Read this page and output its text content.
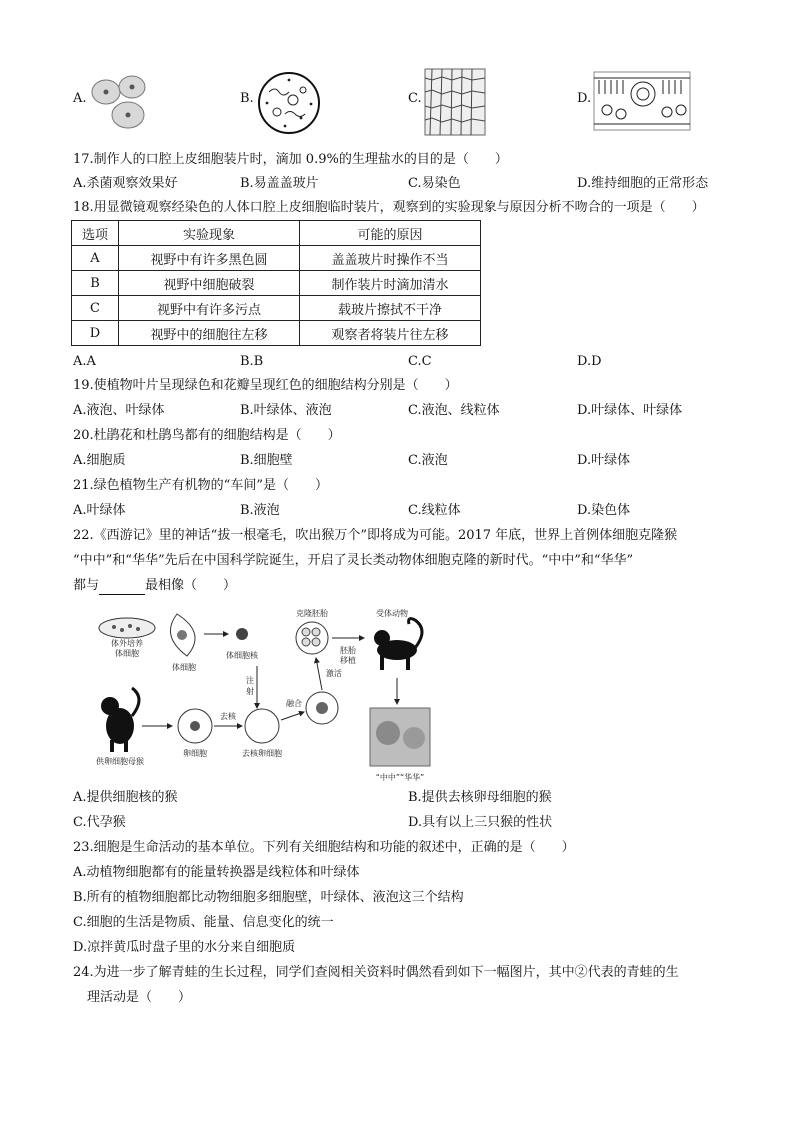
A.	B.	C.	D.
17.制作人的口腔上皮细胞装片时，滴加 0.9%的生理盐水的目的是（　　）
A.杀菌观察效果好	B.易盖盖玻片	C.易染色	D.维持细胞的正常形态
18.用显微镜观察经染色的人体口腔上皮细胞临时装片，观察到的实验现象与原因分析不吻合的一项是（　　）
选项	实验现象	可能的原因
A	视野中有许多黑色圆	盖盖玻片时操作不当
B	视野中细胞破裂	制作装片时滴加清水
C	视野中有许多污点	载玻片擦拭不干净
D	视野中的细胞往左移	观察者将装片往左移
A.A	B.B	C.C	D.D
19.使植物叶片呈现绿色和花瓣呈现红色的细胞结构分别是（　　）
A.液泡、叶绿体	B.叶绿体、液泡	C.液泡、线粒体	D.叶绿体、叶绿体
20.杜鹃花和杜鹃鸟都有的细胞结构是（　　）
A.细胞质	B.细胞壁	C.液泡	D.叶绿体
21.绿色植物生产有机物的“车间”是（　　）
A.叶绿体	B.液泡	C.线粒体	D.染色体
22.《西游记》里的神话“拔一根毫毛，吹出猴万个”即将成为可能。2017 年底，世界上首例体细胞克隆猴
“中中”和“华华”先后在中国科学院诞生，开启了灵长类动物体细胞克隆的新时代。“中中”和“华华”
都与	最相像（　　）
体外培养
体细胞
体细胞
体细胞核
注
射
克隆胚胎
胚胎
移植
受体动物
“中中”“华华”
供卵细胞母猴
卵细胞
去核
去核卵细胞
融合
激活
A.提供细胞核的猴	B.提供去核卵母细胞的猴
C.代孕猴	D.具有以上三只猴的性状
23.细胞是生命活动的基本单位。下列有关细胞结构和功能的叙述中，正确的是（　　）
A.动植物细胞都有的能量转换器是线粒体和叶绿体
B.所有的植物细胞都比动物细胞多细胞壁，叶绿体、液泡这三个结构
C.细胞的生活是物质、能量、信息变化的统一
D.凉拌黄瓜时盘子里的水分来自细胞质
24.为进一步了解青蛙的生长过程，同学们查阅相关资料时偶然看到如下一幅图片，其中②代表的青蛙的生
理活动是（　　）
